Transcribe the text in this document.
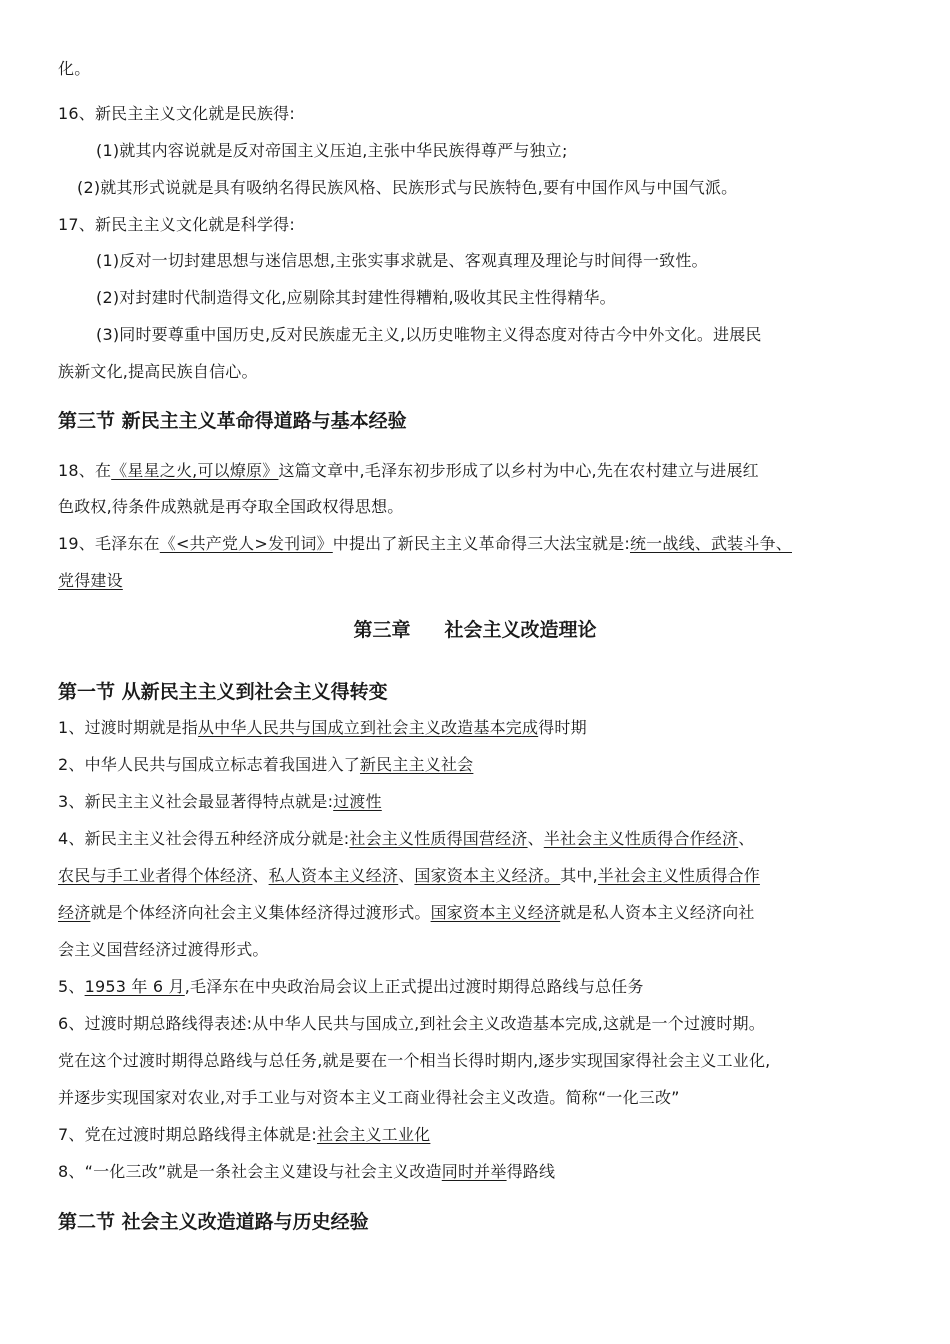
化。
16、新民主主义文化就是民族得:
(1)就其内容说就是反对帝国主义压迫,主张中华民族得尊严与独立;
(2)就其形式说就是具有吸纳名得民族风格、民族形式与民族特色,要有中国作风与中国气派。
17、新民主主义文化就是科学得:
(1)反对一切封建思想与迷信思想,主张实事求就是、客观真理及理论与时间得一致性。
(2)对封建时代制造得文化,应剔除其封建性得糟粕,吸收其民主性得精华。
(3)同时要尊重中国历史,反对民族虚无主义,以历史唯物主义得态度对待古今中外文化。进展民
族新文化,提高民族自信心。
第三节 新民主主义革命得道路与基本经验
18、在《星星之火,可以燎原》这篇文章中,毛泽东初步形成了以乡村为中心,先在农村建立与进展红
色政权,待条件成熟就是再夺取全国政权得思想。
19、毛泽东在《<共产党人>发刊词》中提出了新民主主义革命得三大法宝就是:统一战线、武装斗争、
党得建设
第三章 社会主义改造理论
第一节 从新民主主义到社会主义得转变
1、过渡时期就是指从中华人民共与国成立到社会主义改造基本完成得时期
2、中华人民共与国成立标志着我国进入了新民主主义社会
3、新民主主义社会最显著得特点就是:过渡性
4、新民主主义社会得五种经济成分就是:社会主义性质得国营经济、半社会主义性质得合作经济、
农民与手工业者得个体经济、私人资本主义经济、国家资本主义经济。其中,半社会主义性质得合作
经济就是个体经济向社会主义集体经济得过渡形式。国家资本主义经济就是私人资本主义经济向社
会主义国营经济过渡得形式。
5、1953 年 6 月,毛泽东在中央政治局会议上正式提出过渡时期得总路线与总任务
6、过渡时期总路线得表述:从中华人民共与国成立,到社会主义改造基本完成,这就是一个过渡时期。
党在这个过渡时期得总路线与总任务,就是要在一个相当长得时期内,逐步实现国家得社会主义工业化,
并逐步实现国家对农业,对手工业与对资本主义工商业得社会主义改造。简称“一化三改”
7、党在过渡时期总路线得主体就是:社会主义工业化
8、“一化三改”就是一条社会主义建设与社会主义改造同时并举得路线
第二节 社会主义改造道路与历史经验
